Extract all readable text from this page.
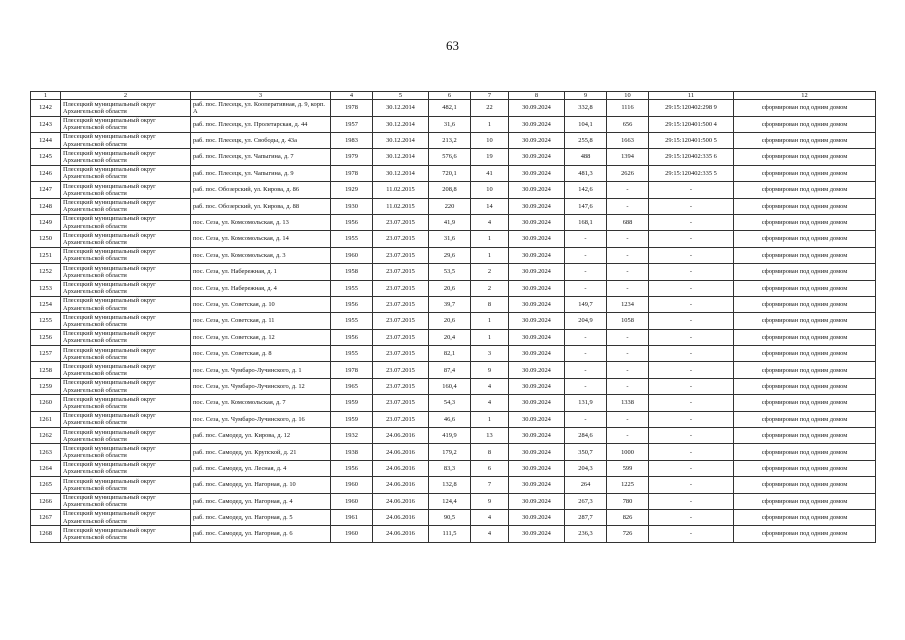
63
1	2	3	4	5	6	7	8	9	10	11	12
1242	Плесецкий муниципальный округ Архангельской области	раб. пос. Плесецк, ул. Кооперативная, д. 9, корп. А	1978	30.12.2014	482,1	22	30.09.2024	332,8	1116	29:15:120402:298 9	сформирован под одним домом
1243	Плесецкий муниципальный округ Архангельской области	раб. пос. Плесецк, ул. Пролетарская, д. 44	1957	30.12.2014	31,6	1	30.09.2024	104,1	656	29:15:120401:500 4	сформирован под одним домом
1244	Плесецкий муниципальный округ Архангельской области	раб. пос. Плесецк, ул. Свободы, д. 43а	1983	30.12.2014	213,2	10	30.09.2024	255,8	1663	29:15:120401:500 5	сформирован под одним домом
1245	Плесецкий муниципальный округ Архангельской области	раб. пос. Плесецк, ул. Чапыгина, д. 7	1979	30.12.2014	576,6	19	30.09.2024	488	1394	29:15:120402:335 6	сформирован под одним домом
1246	Плесецкий муниципальный округ Архангельской области	раб. пос. Плесецк, ул. Чапыгина, д. 9	1978	30.12.2014	720,1	41	30.09.2024	481,3	2626	29:15:120402:335 5	сформирован под одним домом
1247	Плесецкий муниципальный округ Архангельской области	раб. пос. Обозерский, ул. Кирова, д. 86	1929	11.02.2015	208,8	10	30.09.2024	142,6	-	-	сформирован под одним домом
1248	Плесецкий муниципальный округ Архангельской области	раб. пос. Обозерский, ул. Кирова, д. 88	1930	11.02.2015	220	14	30.09.2024	147,6	-	-	сформирован под одним домом
1249	Плесецкий муниципальный округ Архангельской области	пос. Сеза, ул. Комсомольская, д. 13	1956	23.07.2015	41,9	4	30.09.2024	168,1	688	-	сформирован под одним домом
1250	Плесецкий муниципальный округ Архангельской области	пос. Сеза, ул. Комсомольская, д. 14	1955	23.07.2015	31,6	1	30.09.2024	-	-	-	сформирован под одним домом
1251	Плесецкий муниципальный округ Архангельской области	пос. Сеза, ул. Комсомольская, д. 3	1960	23.07.2015	29,6	1	30.09.2024	-	-	-	сформирован под одним домом
1252	Плесецкий муниципальный округ Архангельской области	пос. Сеза, ул. Набережная, д. 1	1958	23.07.2015	53,5	2	30.09.2024	-	-	-	сформирован под одним домом
1253	Плесецкий муниципальный округ Архангельской области	пос. Сеза, ул. Набережная, д. 4	1955	23.07.2015	20,6	2	30.09.2024	-	-	-	сформирован под одним домом
1254	Плесецкий муниципальный округ Архангельской области	пос. Сеза, ул. Советская, д. 10	1956	23.07.2015	39,7	8	30.09.2024	149,7	1234	-	сформирован под одним домом
1255	Плесецкий муниципальный округ Архангельской области	пос. Сеза, ул. Советская, д. 11	1955	23.07.2015	20,6	1	30.09.2024	204,9	1058	-	сформирован под одним домом
1256	Плесецкий муниципальный округ Архангельской области	пос. Сеза, ул. Советская, д. 12	1956	23.07.2015	20,4	1	30.09.2024	-	-	-	сформирован под одним домом
1257	Плесецкий муниципальный округ Архангельской области	пос. Сеза, ул. Советская, д. 8	1955	23.07.2015	82,1	3	30.09.2024	-	-	-	сформирован под одним домом
1258	Плесецкий муниципальный округ Архангельской области	пос. Сеза, ул. Чумбаро-Лучинского, д. 1	1978	23.07.2015	87,4	9	30.09.2024	-	-	-	сформирован под одним домом
1259	Плесецкий муниципальный округ Архангельской области	пос. Сеза, ул. Чумбаро-Лучинского, д. 12	1965	23.07.2015	160,4	4	30.09.2024	-	-	-	сформирован под одним домом
1260	Плесецкий муниципальный округ Архангельской области	пос. Сеза, ул. Комсомольская, д. 7	1959	23.07.2015	54,3	4	30.09.2024	131,9	1338	-	сформирован под одним домом
1261	Плесецкий муниципальный округ Архангельской области	пос. Сеза, ул. Чумбаро-Лучинского, д. 16	1959	23.07.2015	46,6	1	30.09.2024	-	-	-	сформирован под одним домом
1262	Плесецкий муниципальный округ Архангельской области	раб. пос. Самодед, ул. Кирова, д. 12	1932	24.06.2016	419,9	13	30.09.2024	284,6	-	-	сформирован под одним домом
1263	Плесецкий муниципальный округ Архангельской области	раб. пос. Самодед, ул. Крупской, д. 21	1938	24.06.2016	179,2	8	30.09.2024	350,7	1000	-	сформирован под одним домом
1264	Плесецкий муниципальный округ Архангельской области	раб. пос. Самодед, ул. Лесная, д. 4	1956	24.06.2016	83,3	6	30.09.2024	204,3	599	-	сформирован под одним домом
1265	Плесецкий муниципальный округ Архангельской области	раб. пос. Самодед, ул. Нагорная, д. 10	1960	24.06.2016	132,8	7	30.09.2024	264	1225	-	сформирован под одним домом
1266	Плесецкий муниципальный округ Архангельской области	раб. пос. Самодед, ул. Нагорная, д. 4	1960	24.06.2016	124,4	9	30.09.2024	267,3	780	-	сформирован под одним домом
1267	Плесецкий муниципальный округ Архангельской области	раб. пос. Самодед, ул. Нагорная, д. 5	1961	24.06.2016	90,5	4	30.09.2024	287,7	826	-	сформирован под одним домом
1268	Плесецкий муниципальный округ Архангельской области	раб. пос. Самодед, ул. Нагорная, д. 6	1960	24.06.2016	111,5	4	30.09.2024	236,3	726	-	сформирован под одним домом
